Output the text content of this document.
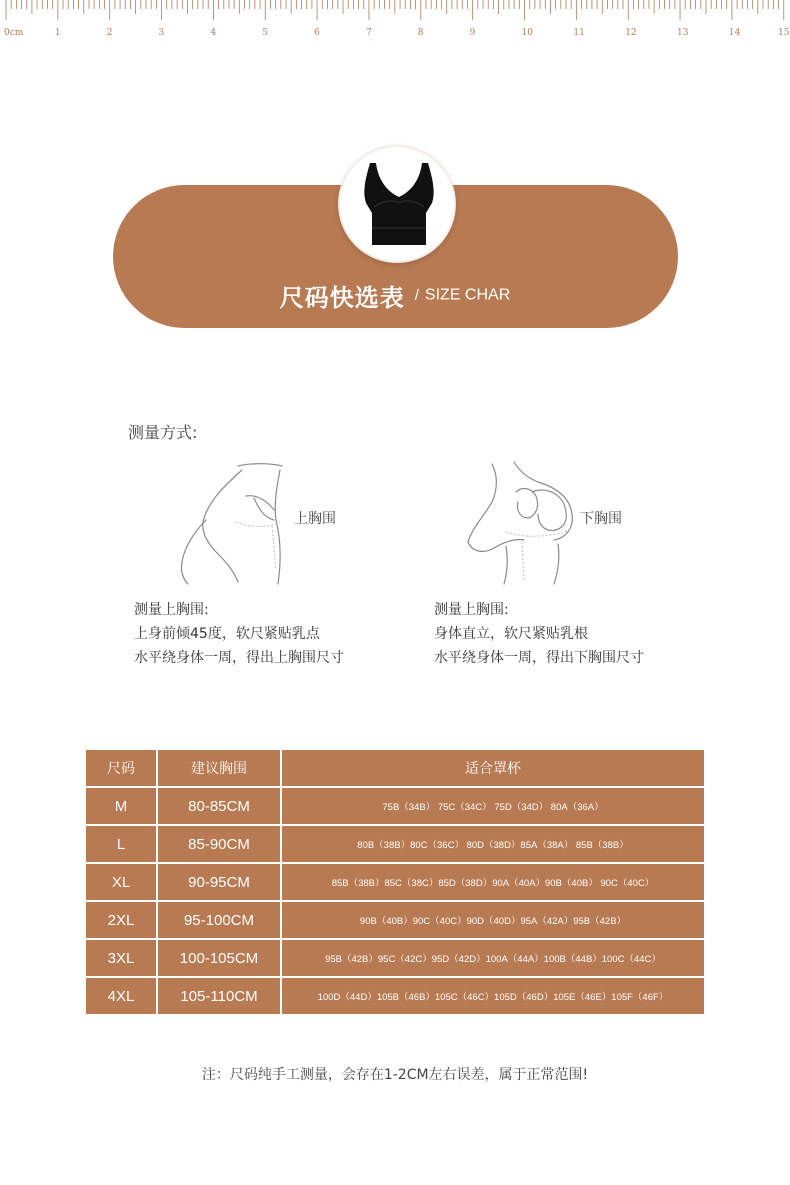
0cm	1	2	3	4	5	6	7	8	9	10	11	12	13	14	15
尺码快选表 / SIZE CHAR
测量方式:
上胸围	下胸围
测量上胸围:
上身前倾45度，软尺紧贴乳点
水平绕身体一周，得出上胸围尺寸
测量上胸围:
身体直立，软尺紧贴乳根
水平绕身体一周，得出下胸围尺寸
尺码	建议胸围	适合罩杯
M	80-85CM	75B（34B） 75C（34C） 75D（34D） 80A（36A）
L	85-90CM	80B（38B）80C（36C） 80D（38D）85A（38A） 85B（38B）
XL	90-95CM	85B（38B）85C（38C）85D（38D）90A（40A）90B（40B） 90C（40C）
2XL	95-100CM	90B（40B）90C（40C）90D（40D）95A（42A）95B（42B）
3XL	100-105CM	95B（42B）95C（42C）95D（42D）100A（44A）100B（44B）100C（44C）
4XL	105-110CM	100D（44D）105B（46B）105C（46C）105D（46D）105E（46E）105F（46F）
注：尺码纯手工测量，会存在1-2CM左右误差，属于正常范围!
